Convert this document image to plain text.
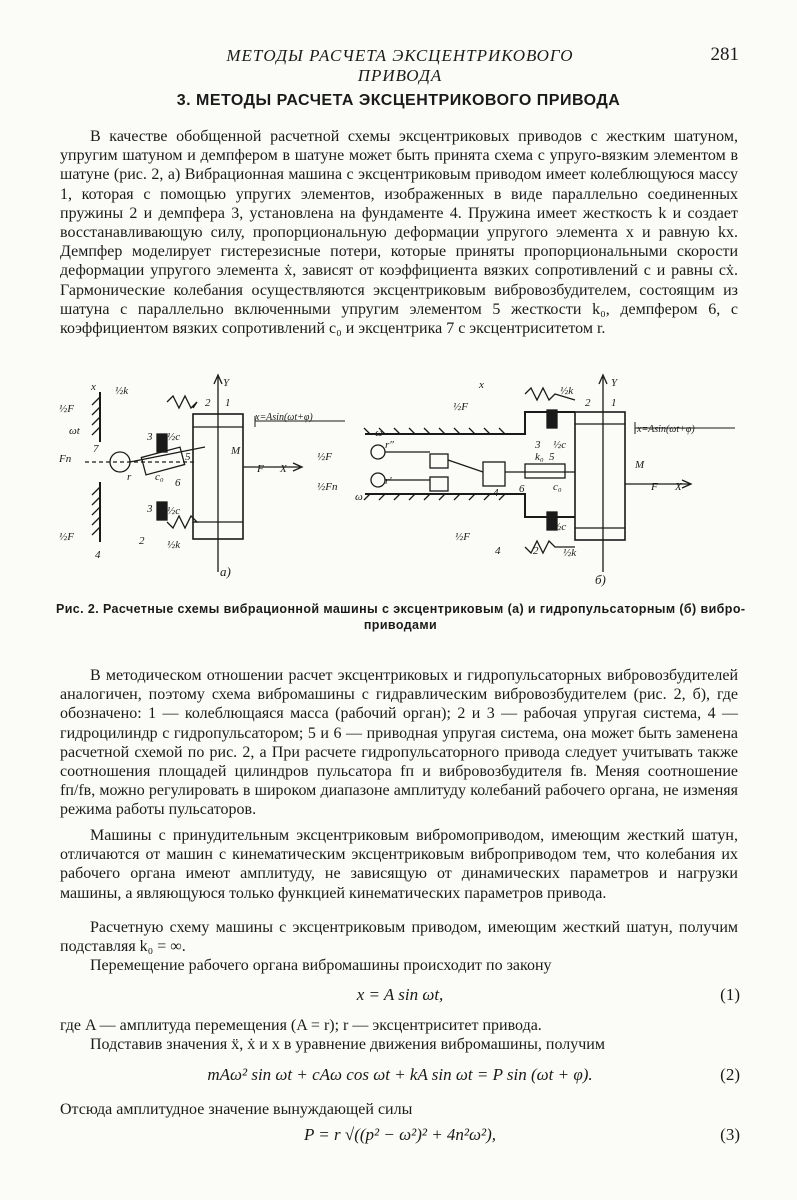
МЕТОДЫ РАСЧЕТА ЭКСЦЕНТРИКОВОГО ПРИВОДА
281
3. МЕТОДЫ РАСЧЕТА ЭКСЦЕНТРИКОВОГО ПРИВОДА

В качестве обобщенной расчетной схемы эксцентриковых приводов с жестким шатуном, упругим шатуном и демпфером в шатуне может быть принята схема с упруго-вязким элементом в шатуне (рис. 2, а) Вибрационная машина с эксцентриковым приводом имеет колеблющуюся массу 1, которая с помощью упругих элементов, изображенных в виде параллельно соединенных пружины 2 и демпфера 3, установлена на фундаменте 4. Пружина имеет жесткость k и создает восстанавливающую силу, пропорциональную деформации упругого элемента x и равную kx. Демпфер моделирует гистерезисные потери, которые приняты пропорциональными скорости деформации упругого элемента ẋ, зависят от коэффициента вязких сопротивлений c и равны cẋ. Гармонические колебания осуществляются эксцентриковым вибровозбудителем, состоящим из шатуна с параллельно включенными упругим элементом 5 жесткости k₀, демпфером 6, с коэффициентом вязких сопротивлений c₀ и эксцентрика 7 с эксцентриситетом r.

x ½k
½F
ωt
Fп
7
r
3 ½c
5
c₀ 6
3 ½c
½F	2 ½k
4
Y
2 1
M
F X
x=Asin(ωt+φ)
а)
x
½F
½k
Y
2 1
3 ½c
ω
r″
½F
½Fп
ω
r′
k₀ 5
4	c₀
6
M
F X
½F
½c
4	2 ½k
x=Asin(ωt+φ)
б)
Рис. 2. Расчетные схемы вибрационной машины с эксцентриковым (а) и гидропульсаторным (б) виброприводами

В методическом отношении расчет эксцентриковых и гидропульсаторных вибровозбудителей аналогичен, поэтому схема вибромашины с гидравлическим вибровозбудителем (рис. 2, б), где обозначено: 1 — колеблющаяся масса (рабочий орган); 2 и 3 — рабочая упругая система, 4 — гидроцилиндр с гидропульсатором; 5 и 6 — приводная упругая система, она может быть заменена расчетной схемой по рис. 2, а При расчете гидропульсаторного привода следует учитывать также соотношения площадей цилиндров пульсатора fп и вибровозбудителя fв. Меняя соотношение fп/fв, можно регулировать в широком диапазоне амплитуду колебаний рабочего органа, не изменяя режима работы пульсаторов.

Машины с принудительным эксцентриковым вибромоприводом, имеющим жесткий шатун, отличаются от машин с кинематическим эксцентриковым виброприводом тем, что колебания их рабочего органа имеют амплитуду, не зависящую от динамических параметров и нагрузки машины, а являющуюся только функцией кинематических параметров привода.

Расчетную схему машины с эксцентриковым приводом, имеющим жесткий шатун, получим подставляя k₀ = ∞.

Перемещение рабочего органа вибромашины происходит по закону

x = A sin ωt,	(1)

где A — амплитуда перемещения (A = r); r — эксцентриситет привода.

Подставив значения ẍ, ẋ и x в уравнение движения вибромашины, получим

mAω² sin ωt + cAω cos ωt + kA sin ωt = P sin (ωt + φ).	(2)

Отсюда амплитудное значение вынуждающей силы

P = r √((p² − ω²)² + 4n²ω²),	(3)
